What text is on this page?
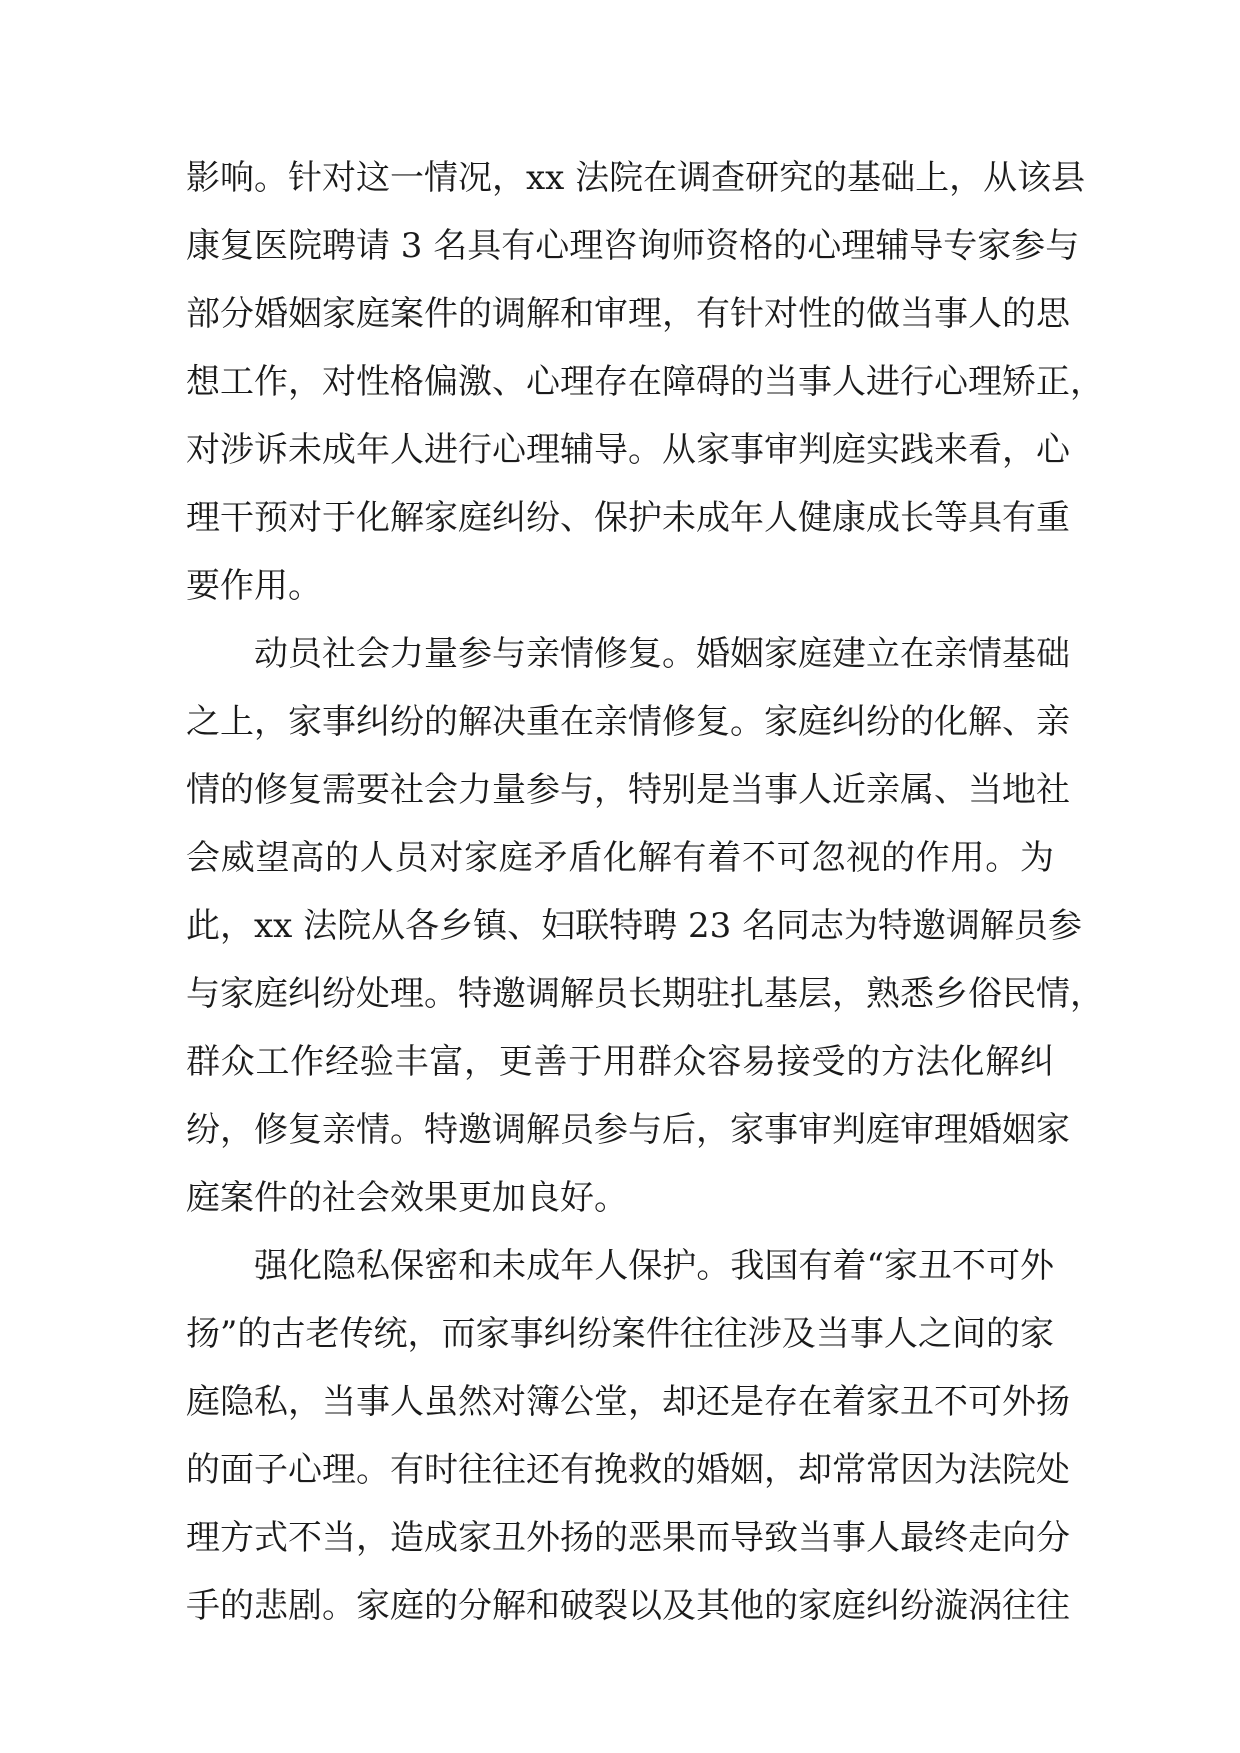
影响。针对这一情况，xx 法院在调查研究的基础上，从该县
康复医院聘请 3 名具有心理咨询师资格的心理辅导专家参与
部分婚姻家庭案件的调解和审理，有针对性的做当事人的思
想工作，对性格偏激、心理存在障碍的当事人进行心理矫正，
对涉诉未成年人进行心理辅导。从家事审判庭实践来看，心
理干预对于化解家庭纠纷、保护未成年人健康成长等具有重
要作用。
动员社会力量参与亲情修复。婚姻家庭建立在亲情基础
之上，家事纠纷的解决重在亲情修复。家庭纠纷的化解、亲
情的修复需要社会力量参与，特别是当事人近亲属、当地社
会威望高的人员对家庭矛盾化解有着不可忽视的作用。为
此，xx 法院从各乡镇、妇联特聘 23 名同志为特邀调解员参
与家庭纠纷处理。特邀调解员长期驻扎基层，熟悉乡俗民情，
群众工作经验丰富，更善于用群众容易接受的方法化解纠
纷，修复亲情。特邀调解员参与后，家事审判庭审理婚姻家
庭案件的社会效果更加良好。
强化隐私保密和未成年人保护。我国有着“家丑不可外
扬”的古老传统，而家事纠纷案件往往涉及当事人之间的家
庭隐私，当事人虽然对簿公堂，却还是存在着家丑不可外扬
的面子心理。有时往往还有挽救的婚姻，却常常因为法院处
理方式不当，造成家丑外扬的恶果而导致当事人最终走向分
手的悲剧。家庭的分解和破裂以及其他的家庭纠纷漩涡往往
